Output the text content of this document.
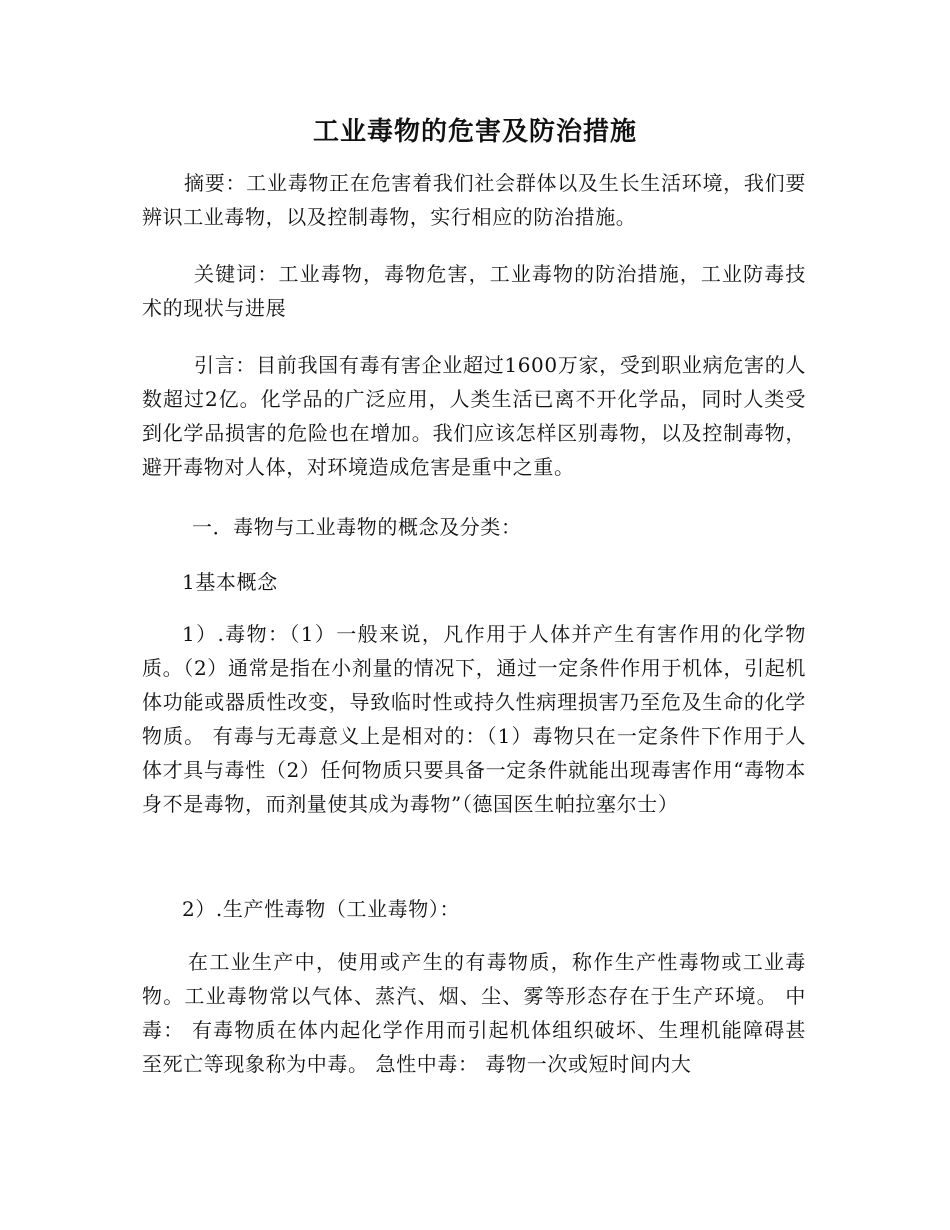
工业毒物的危害及防治措施

摘要：工业毒物正在危害着我们社会群体以及生长生活环境，我们要辨识工业毒物，以及控制毒物，实行相应的防治措施。

关键词：工业毒物，毒物危害，工业毒物的防治措施，工业防毒技术的现状与进展

引言：目前我国有毒有害企业超过1600万家，受到职业病危害的人数超过2亿。化学品的广泛应用，人类生活已离不开化学品，同时人类受到化学品损害的危险也在增加。我们应该怎样区别毒物，以及控制毒物，避开毒物对人体，对环境造成危害是重中之重。

一．毒物与工业毒物的概念及分类：

1基本概念

1）.毒物：（1）一般来说，凡作用于人体并产生有害作用的化学物质。（2）通常是指在小剂量的情况下，通过一定条件作用于机体，引起机体功能或器质性改变，导致临时性或持久性病理损害乃至危及生命的化学物质。 有毒与无毒意义上是相对的：（1）毒物只在一定条件下作用于人体才具与毒性（2）任何物质只要具备一定条件就能出现毒害作用“毒物本身不是毒物，而剂量使其成为毒物”（德国医生帕拉塞尔士）

2）.生产性毒物（工业毒物）：

在工业生产中，使用或产生的有毒物质，称作生产性毒物或工业毒物。工业毒物常以气体、蒸汽、烟、尘、雾等形态存在于生产环境。 中毒： 有毒物质在体内起化学作用而引起机体组织破坏、生理机能障碍甚至死亡等现象称为中毒。 急性中毒： 毒物一次或短时间内大
